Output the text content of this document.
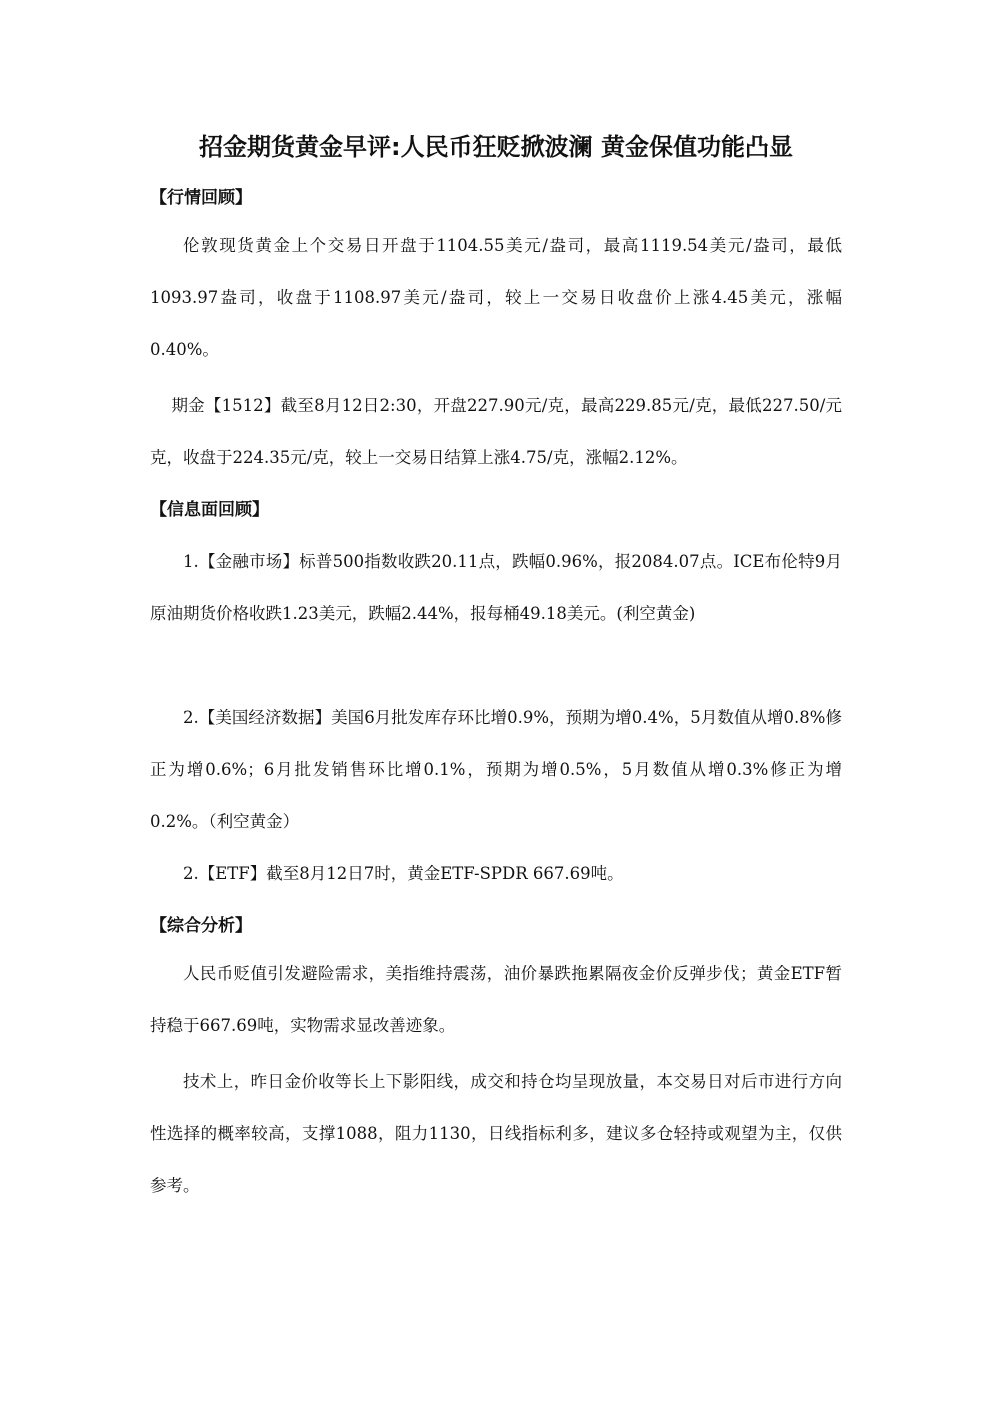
招金期货黄金早评:人民币狂贬掀波澜 黄金保值功能凸显
【行情回顾】

伦敦现货黄金上个交易日开盘于1104.55美元/盎司，最高1119.54美元/盎司，最低1093.97盎司，收盘于1108.97美元/盎司，较上一交易日收盘价上涨4.45美元，涨幅0.40%。

期金【1512】截至8月12日2:30，开盘227.90元/克，最高229.85元/克，最低227.50/元克，收盘于224.35元/克，较上一交易日结算上涨4.75/克，涨幅2.12%。

【信息面回顾】

1.【金融市场】标普500指数收跌20.11点，跌幅0.96%，报2084.07点。ICE布伦特9月原油期货价格收跌1.23美元，跌幅2.44%，报每桶49.18美元。(利空黄金)

2.【美国经济数据】美国6月批发库存环比增0.9%，预期为增0.4%，5月数值从增0.8%修正为增0.6%；6月批发销售环比增0.1%，预期为增0.5%，5月数值从增0.3%修正为增0.2%。（利空黄金）

2.【ETF】截至8月12日7时，黄金ETF-SPDR 667.69吨。

【综合分析】

人民币贬值引发避险需求，美指维持震荡，油价暴跌拖累隔夜金价反弹步伐；黄金ETF暂持稳于667.69吨，实物需求显改善迹象。

技术上，昨日金价收等长上下影阳线，成交和持仓均呈现放量，本交易日对后市进行方向性选择的概率较高，支撑1088，阻力1130，日线指标利多，建议多仓轻持或观望为主，仅供参考。
